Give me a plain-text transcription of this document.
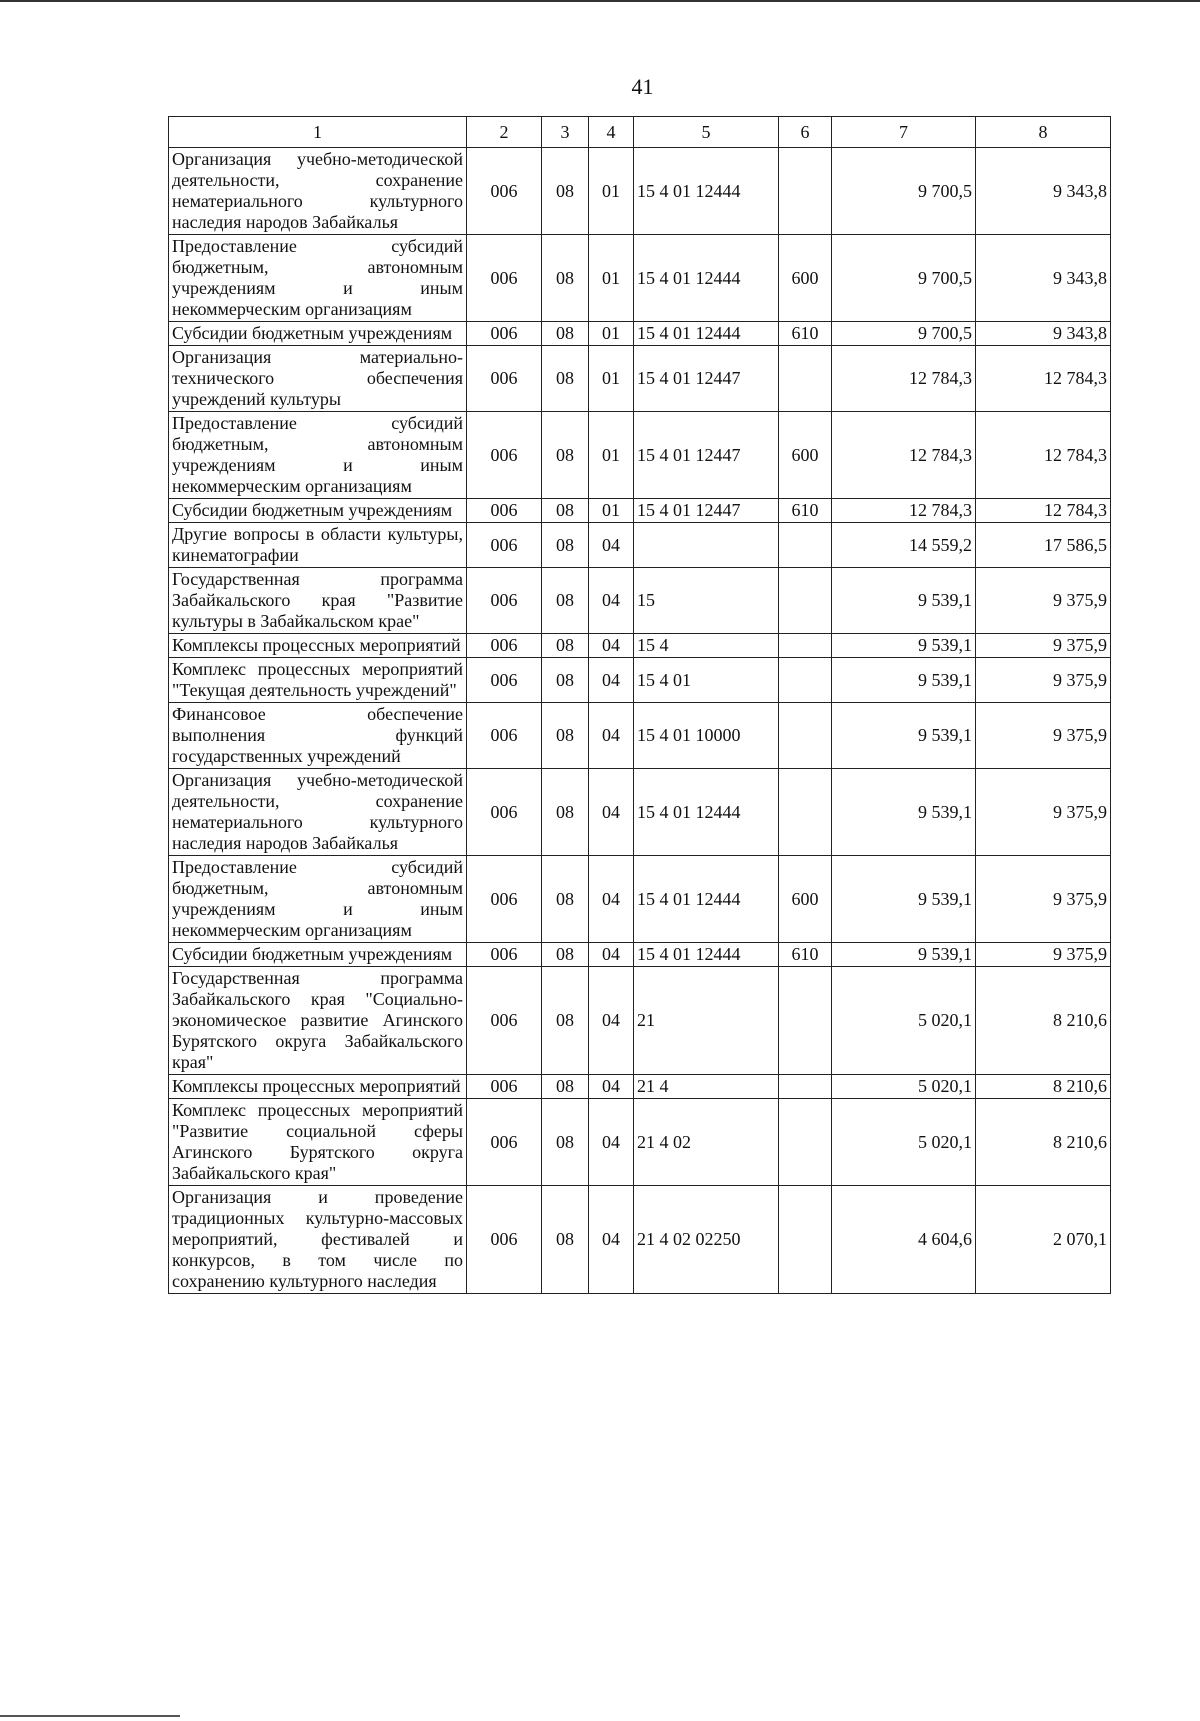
41
1	2	3	4	5	6	7	8
Организация учебно-методической деятельности, сохранение нематериального культурного наследия народов Забайкалья	006	08	01	15 4 01 12444		9 700,5	9 343,8
Предоставление субсидий бюджетным, автономным учреждениям и иным некоммерческим организациям	006	08	01	15 4 01 12444	600	9 700,5	9 343,8
Субсидии бюджетным учреждениям	006	08	01	15 4 01 12444	610	9 700,5	9 343,8
Организация материально-технического обеспечения учреждений культуры	006	08	01	15 4 01 12447		12 784,3	12 784,3
Предоставление субсидий бюджетным, автономным учреждениям и иным некоммерческим организациям	006	08	01	15 4 01 12447	600	12 784,3	12 784,3
Субсидии бюджетным учреждениям	006	08	01	15 4 01 12447	610	12 784,3	12 784,3
Другие вопросы в области культуры, кинематографии	006	08	04			14 559,2	17 586,5
Государственная программа Забайкальского края "Развитие культуры в Забайкальском крае"	006	08	04	15		9 539,1	9 375,9
Комплексы процессных мероприятий	006	08	04	15 4		9 539,1	9 375,9
Комплекс процессных мероприятий "Текущая деятельность учреждений"	006	08	04	15 4 01		9 539,1	9 375,9
Финансовое обеспечение выполнения функций государственных учреждений	006	08	04	15 4 01 10000		9 539,1	9 375,9
Организация учебно-методической деятельности, сохранение нематериального культурного наследия народов Забайкалья	006	08	04	15 4 01 12444		9 539,1	9 375,9
Предоставление субсидий бюджетным, автономным учреждениям и иным некоммерческим организациям	006	08	04	15 4 01 12444	600	9 539,1	9 375,9
Субсидии бюджетным учреждениям	006	08	04	15 4 01 12444	610	9 539,1	9 375,9
Государственная программа Забайкальского края "Социально-экономическое развитие Агинского Бурятского округа Забайкальского края"	006	08	04	21		5 020,1	8 210,6
Комплексы процессных мероприятий	006	08	04	21 4		5 020,1	8 210,6
Комплекс процессных мероприятий "Развитие социальной сферы Агинского Бурятского округа Забайкальского края"	006	08	04	21 4 02		5 020,1	8 210,6
Организация и проведение традиционных культурно-массовых мероприятий, фестивалей и конкурсов, в том числе по сохранению культурного наследия	006	08	04	21 4 02 02250		4 604,6	2 070,1
